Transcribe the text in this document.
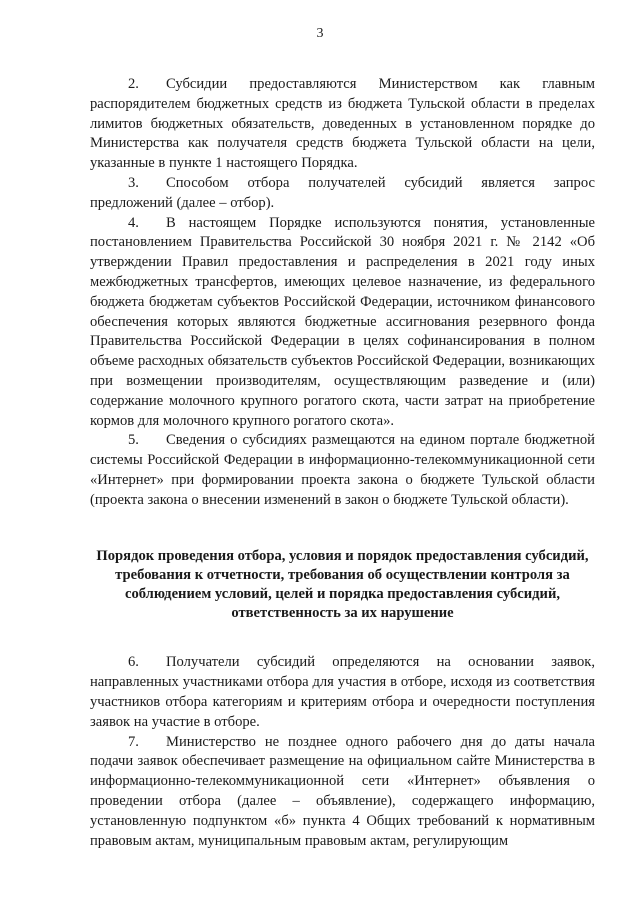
3

2. Субсидии предоставляются Министерством как главным распорядителем бюджетных средств из бюджета Тульской области в пределах лимитов бюджетных обязательств, доведенных в установленном порядке до Министерства как получателя средств бюджета Тульской области на цели, указанные в пункте 1 настоящего Порядка.

3. Способом отбора получателей субсидий является запрос предложений (далее – отбор).

4. В настоящем Порядке используются понятия, установленные постановлением Правительства Российской 30 ноября 2021 г. № 2142 «Об утверждении Правил предоставления и распределения в 2021 году иных межбюджетных трансфертов, имеющих целевое назначение, из федерального бюджета бюджетам субъектов Российской Федерации, источником финансового обеспечения которых являются бюджетные ассигнования резервного фонда Правительства Российской Федерации в целях софинансирования в полном объеме расходных обязательств субъектов Российской Федерации, возникающих при возмещении производителям, осуществляющим разведение и (или) содержание молочного крупного рогатого скота, части затрат на приобретение кормов для молочного крупного рогатого скота».

5. Сведения о субсидиях размещаются на едином портале бюджетной системы Российской Федерации в информационно-телекоммуникационной сети «Интернет» при формировании проекта закона о бюджете Тульской области (проекта закона о внесении изменений в закон о бюджете Тульской области).

Порядок проведения отбора, условия и порядок предоставления субсидий, требования к отчетности, требования об осуществлении контроля за соблюдением условий, целей и порядка предоставления субсидий, ответственность за их нарушение

6. Получатели субсидий определяются на основании заявок, направленных участниками отбора для участия в отборе, исходя из соответствия участников отбора категориям и критериям отбора и очередности поступления заявок на участие в отборе.

7. Министерство не позднее одного рабочего дня до даты начала подачи заявок обеспечивает размещение на официальном сайте Министерства в информационно-телекоммуникационной сети «Интернет» объявления о проведении отбора (далее – объявление), содержащего информацию, установленную подпунктом «б» пункта 4 Общих требований к нормативным правовым актам, муниципальным правовым актам, регулирующим
